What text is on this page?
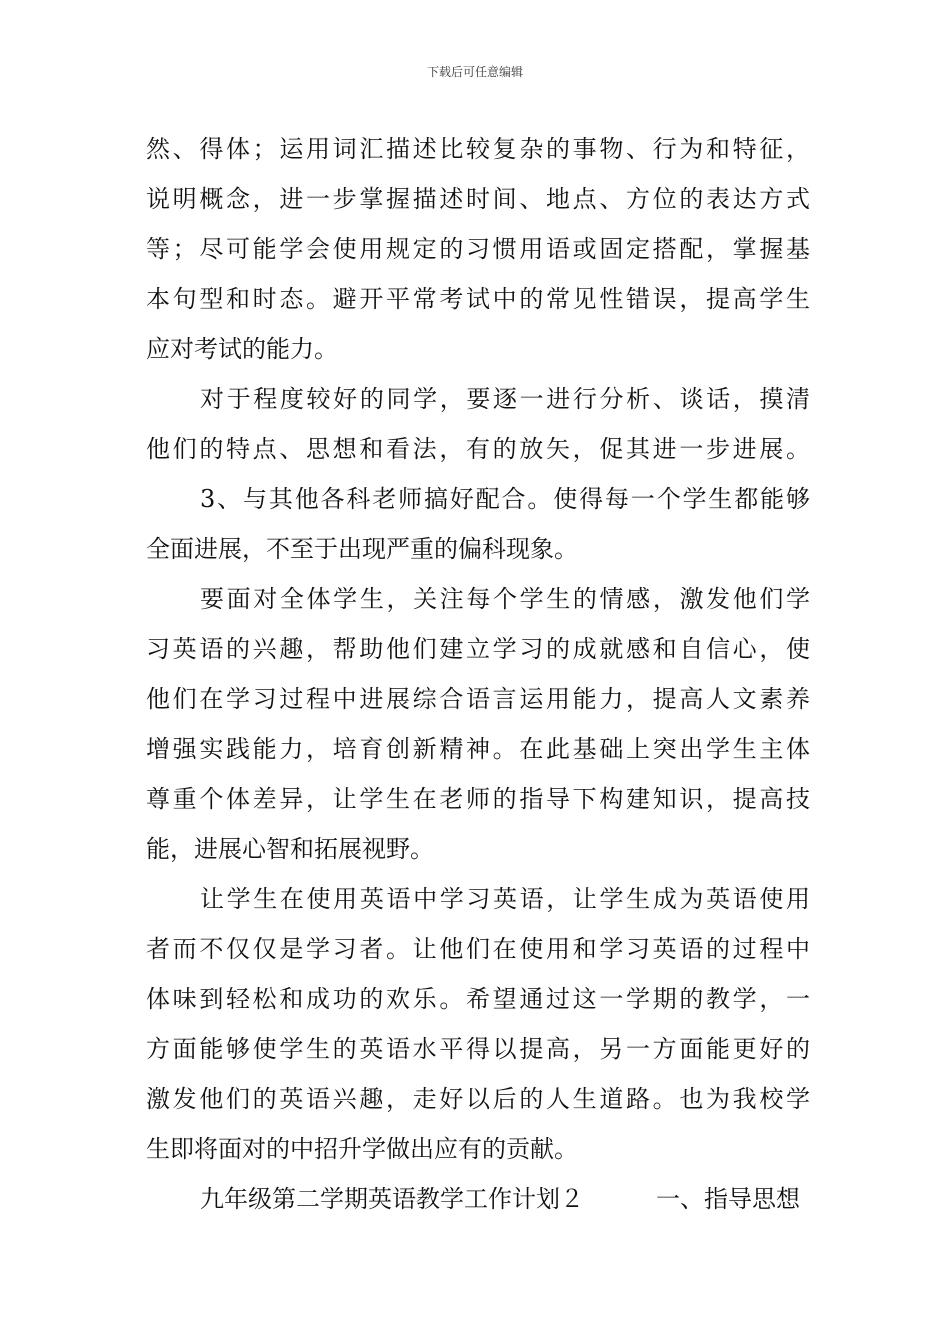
下载后可任意编辑
然、得体；运用词汇描述比较复杂的事物、行为和特征，
说明概念，进一步掌握描述时间、地点、方位的表达方式
等；尽可能学会使用规定的习惯用语或固定搭配，掌握基
本句型和时态。避开平常考试中的常见性错误，提高学生
应对考试的能力。
对于程度较好的同学，要逐一进行分析、谈话，摸清
他们的特点、思想和看法，有的放矢，促其进一步进展。
3、与其他各科老师搞好配合。使得每一个学生都能够
全面进展，不至于出现严重的偏科现象。
要面对全体学生，关注每个学生的情感，激发他们学
习英语的兴趣，帮助他们建立学习的成就感和自信心，使
他们在学习过程中进展综合语言运用能力，提高人文素养
增强实践能力，培育创新精神。在此基础上突出学生主体
尊重个体差异，让学生在老师的指导下构建知识，提高技
能，进展心智和拓展视野。
让学生在使用英语中学习英语，让学生成为英语使用
者而不仅仅是学习者。让他们在使用和学习英语的过程中
体味到轻松和成功的欢乐。希望通过这一学期的教学，一
方面能够使学生的英语水平得以提高，另一方面能更好的
激发他们的英语兴趣，走好以后的人生道路。也为我校学
生即将面对的中招升学做出应有的贡献。
九年级第二学期英语教学工作计划２	一、指导思想
